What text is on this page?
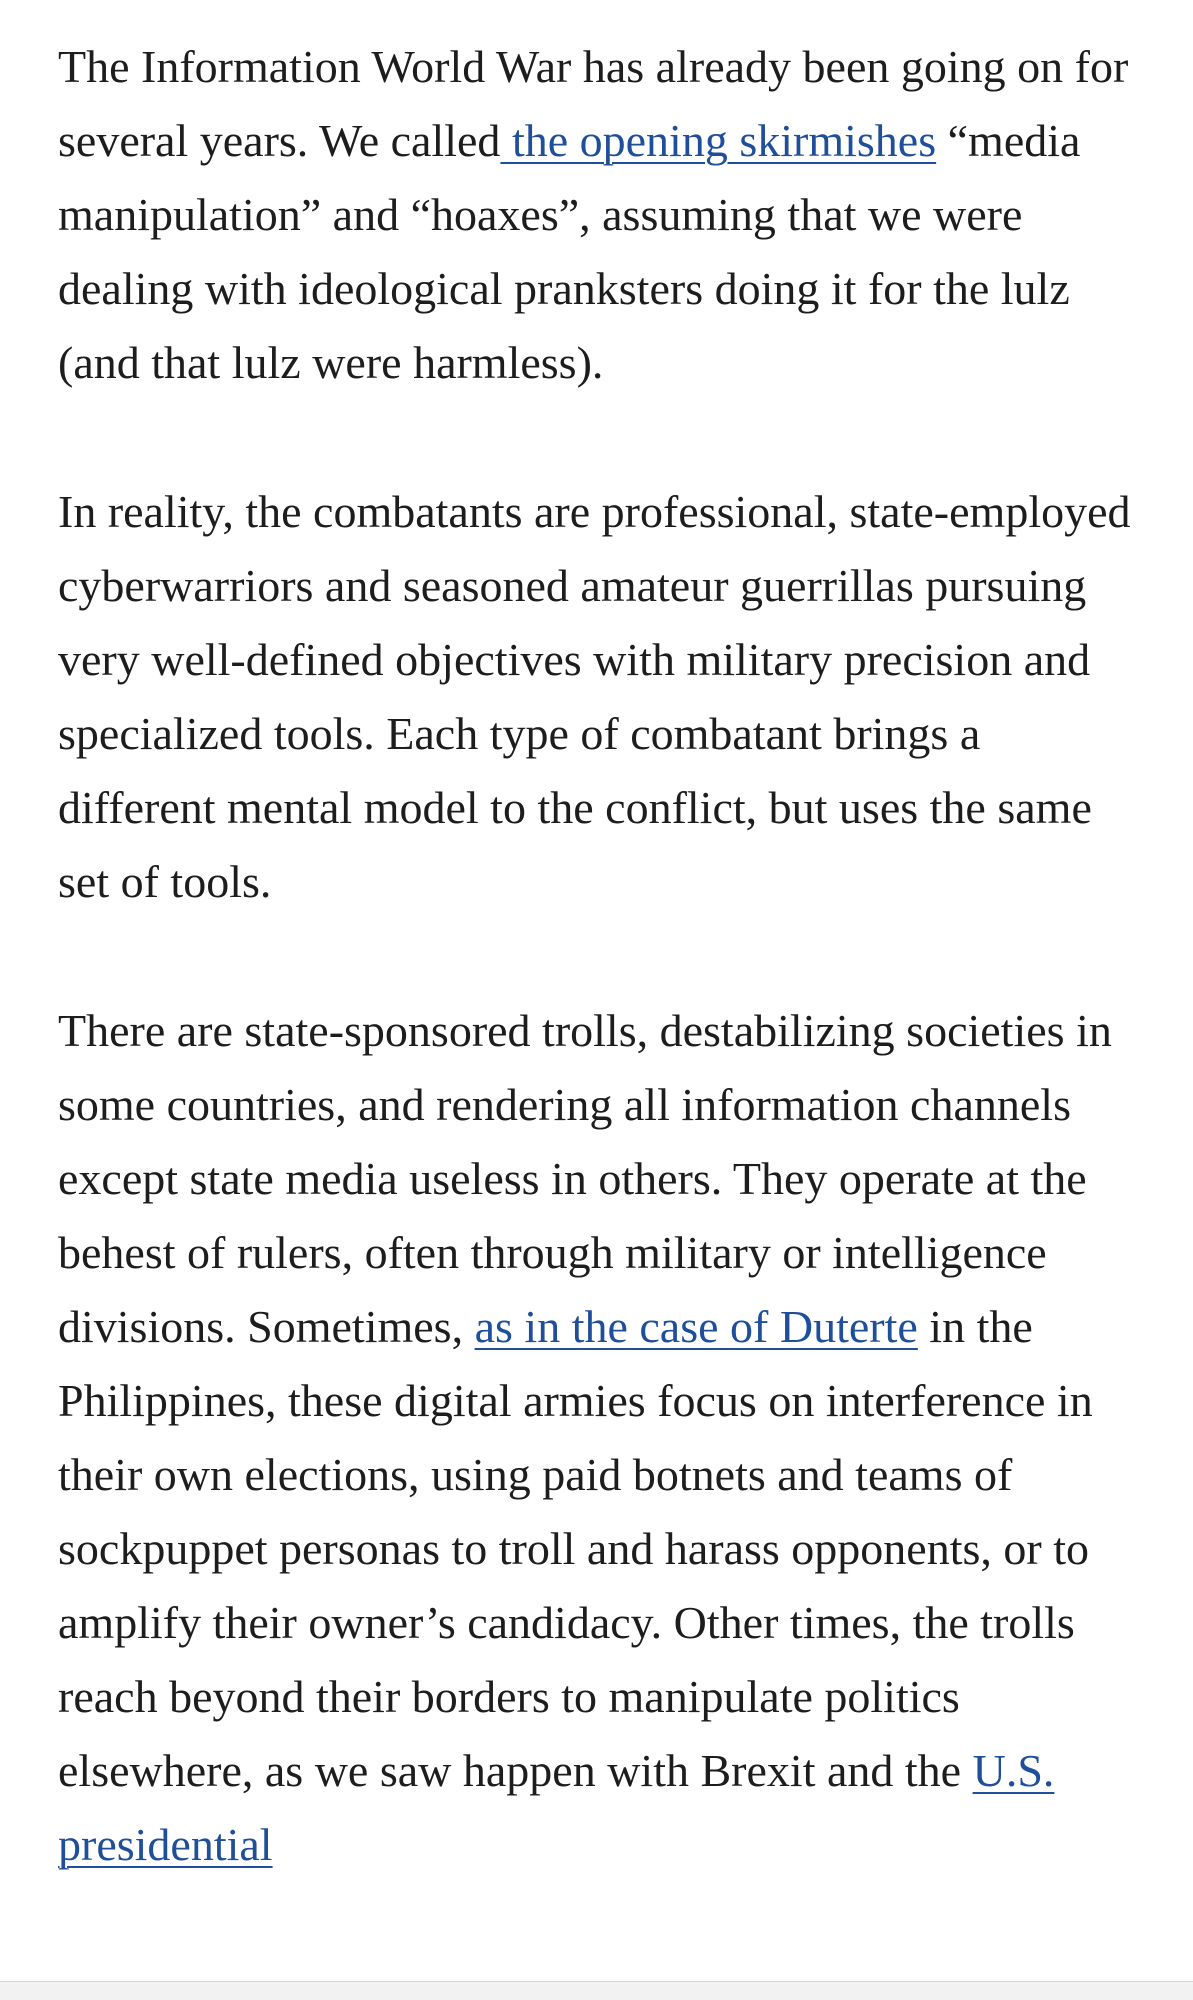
The Information World War has already been going on for several years. We called the opening skirmishes “media manipulation” and “hoaxes”, assuming that we were dealing with ideological pranksters doing it for the lulz (and that lulz were harmless).

In reality, the combatants are professional, state-employed cyberwarriors and seasoned amateur guerrillas pursuing very well-defined objectives with military precision and specialized tools. Each type of combatant brings a different mental model to the conflict, but uses the same set of tools.

There are state-sponsored trolls, destabilizing societies in some countries, and rendering all information channels except state media useless in others. They operate at the behest of rulers, often through military or intelligence divisions. Sometimes, as in the case of Duterte in the Philippines, these digital armies focus on interference in their own elections, using paid botnets and teams of sockpuppet personas to troll and harass opponents, or to amplify their owner’s candidacy. Other times, the trolls reach beyond their borders to manipulate politics elsewhere, as we saw happen with Brexit and the U.S. presidential
